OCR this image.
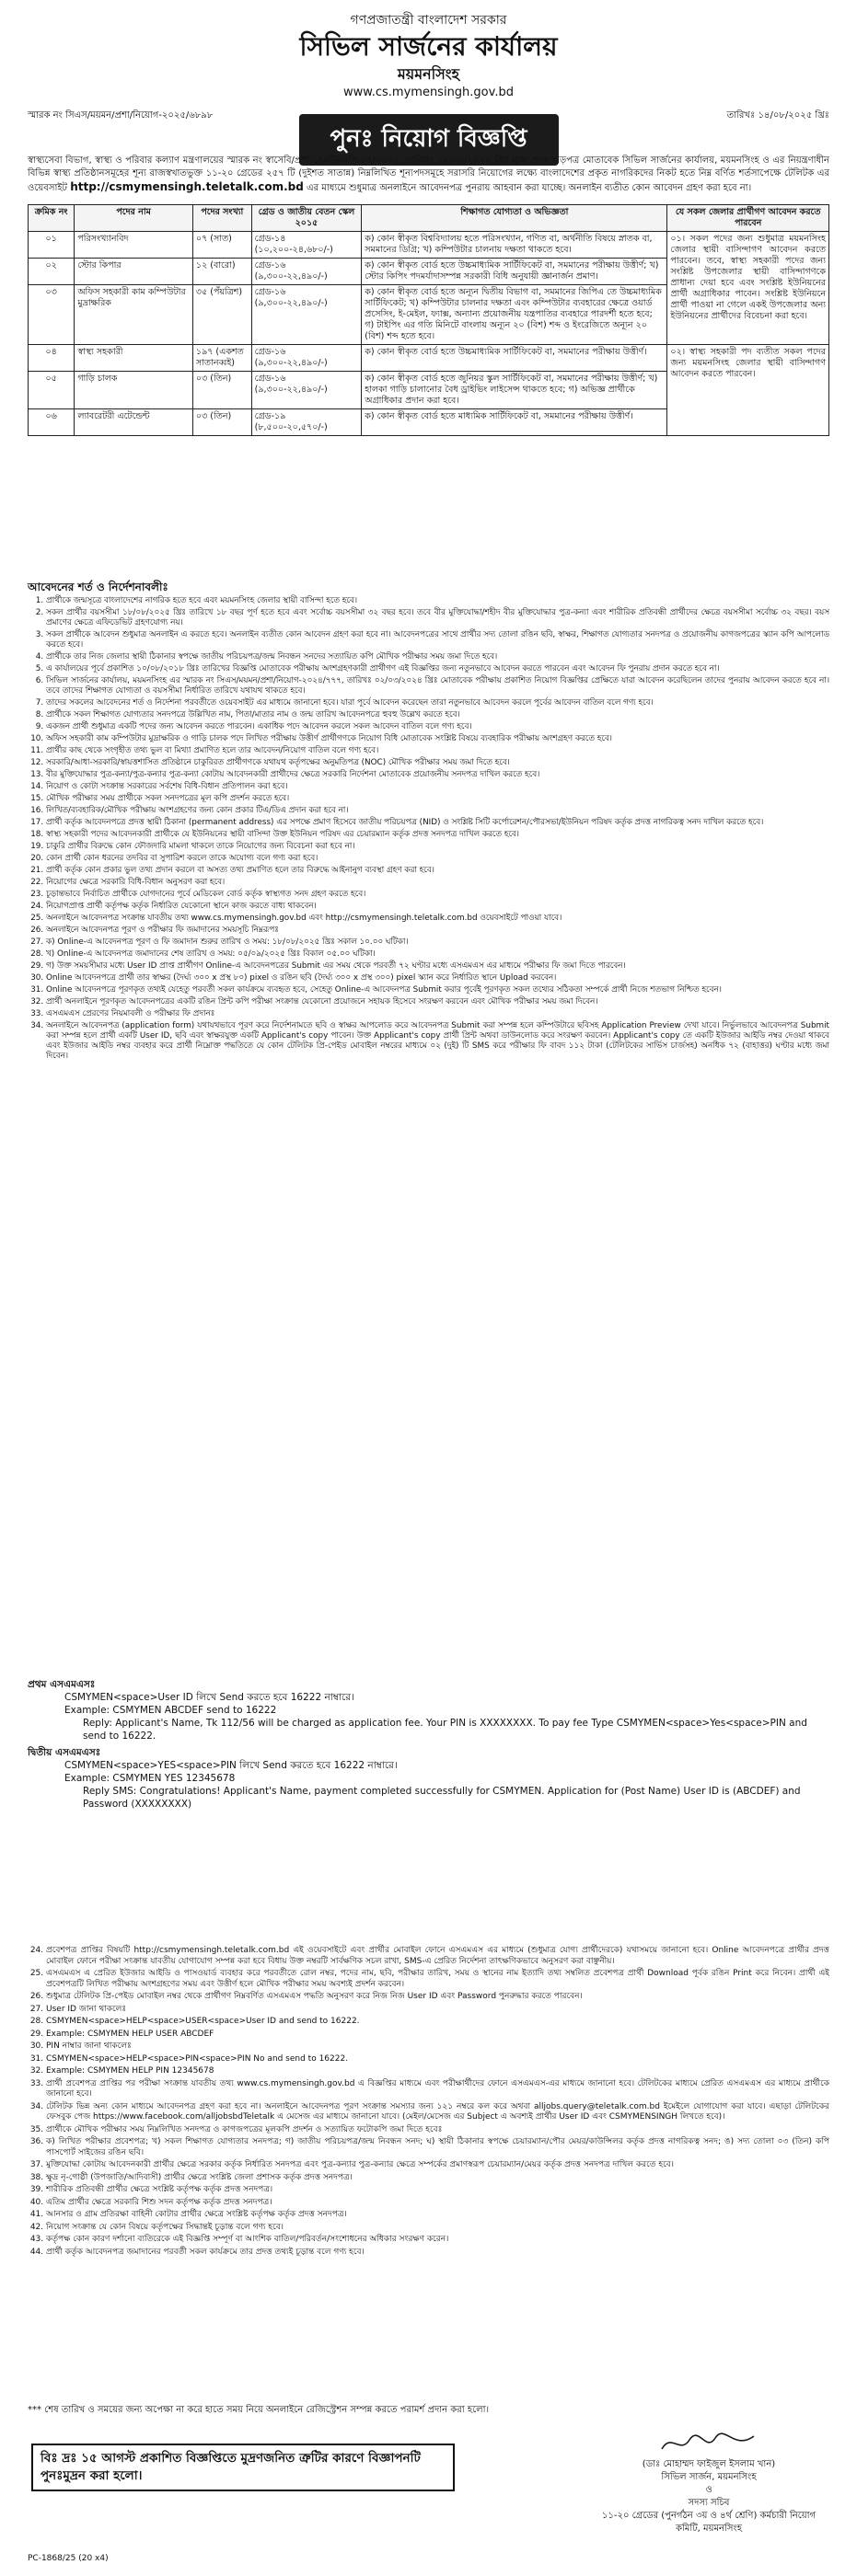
গণপ্রজাতন্ত্রী বাংলাদেশ সরকার
সিভিল সার্জনের কার্যালয়
ময়মনসিংহ
www.cs.mymensingh.gov.bd
স্মারক নং সিএস/ময়মন/প্রশা/নিয়োগ-২০২৫/৬৮৯৮	তারিখঃ ১৪/০৮/২০২৫ খ্রিঃ
পুনঃ নিয়োগ বিজ্ঞপ্তি
স্বাস্থ্যসেবা বিভাগ, স্বাস্থ্য ও পরিবার কল্যাণ মন্ত্রণালয়ের স্মারক নং স্বাসেবি/প্রশা-১/এডি/এসি-১৭/৩৬০৪, তারিখঃ ১৮/০১/২০২৫ খ্রিঃ মূলে প্রাপ্ত ছাড়পত্র মোতাবেক সিভিল সার্জনের কার্যালয়, ময়মনসিংহ ও এর নিয়ন্ত্রণাধীন বিভিন্ন স্বাস্থ্য প্রতিষ্ঠানসমূহের শূন্য রাজস্বখাতভুক্ত ১১-২০ গ্রেডের ২৫৭ টি (দুইশত সাতান্ন) নিম্নলিখিত শূন্যপদসমূহে সরাসরি নিয়োগের লক্ষ্যে বাংলাদেশের প্রকৃত নাগরিকদের নিকট হতে নিম্ন বর্ণিত শর্তসাপেক্ষে টেলিটক এর ওয়েবসাইট http://csmymensingh.teletalk.com.bd এর মাধ্যমে শুধুমাত্র অনলাইনে আবেদনপত্র পুনরায় আহবান করা যাচ্ছে। অনলাইন ব্যতীত কোন আবেদন গ্রহণ করা হবে না।
ক্রমিক নং	পদের নাম	পদের সংখ্যা	গ্রেড ও জাতীয় বেতন স্কেল ২০১৫	শিক্ষাগত যোগ্যতা ও অভিজ্ঞতা	যে সকল জেলার প্রার্থীগণ আবেদন করতে পারবেন
০১	পরিসংখ্যানবিদ	০৭ (সাত)	গ্রেড-১৪ (১০,২০০-২৪,৬৮০/-)	ক) কোন স্বীকৃত বিশ্ববিদ্যালয় হতে পরিসংখ্যান, গণিত বা, অর্থনীতি বিষয়ে স্নাতক বা, সমমানের ডিগ্রি; খ) কম্পিউটার চালনায় দক্ষতা থাকতে হবে।	০১। সকল পদের জন্য শুধুমাত্র ময়মনসিংহ জেলার স্থায়ী বাসিন্দাগণ আবেদন করতে পারবেন। তবে, স্বাস্থ্য সহকারী পদের জন্য সংশ্লিষ্ট উপজেলার স্থায়ী বাসিন্দাগণকে প্রাধান্য দেয়া হবে এবং সংশ্লিষ্ট ইউনিয়নের প্রার্থী অগ্রাধিকার পাবেন। সংশ্লিষ্ট ইউনিয়নে প্রার্থী পাওয়া না গেলে একই উপজেলার অন্য ইউনিয়নের প্রার্থীদের বিবেচনা করা হবে।
০২	স্টোর কিপার	১২ (বারো)	গ্রেড-১৬ (৯,৩০০-২২,৪৯০/-)	ক) কোন স্বীকৃত বোর্ড হতে উচ্চমাধ্যমিক সার্টিফিকেট বা, সমমানের পরীক্ষায় উত্তীর্ণ; খ) স্টোর কিপিং পদমর্যাদাসম্পন্ন সরকারী বিধি অনুযায়ী জ্ঞানার্জন প্রমাণ।	
০৩	অফিস সহকারী কাম কম্পিউটার মুদ্রাক্ষরিক	৩৫ (পঁয়ত্রিশ)	গ্রেড-১৬ (৯,৩০০-২২,৪৯০/-)	ক) কোন স্বীকৃত বোর্ড হতে অন্যূন দ্বিতীয় বিভাগ বা, সমমানের জিপিএ তে উচ্চমাধ্যমিক সার্টিফিকেট; খ) কম্পিউটার চালনার দক্ষতা এবং কম্পিউটার ব্যবহারের ক্ষেত্রে ওয়ার্ড প্রসেসিং, ই-মেইল, ফ্যাক্স, অন্যান্য প্রয়োজনীয় যন্ত্রপাতির ব্যবহারে পারদর্শী হতে হবে; গ) টাইপিং এর গতি মিনিটে বাংলায় অন্যূন ২০ (বিশ) শব্দ ও ইংরেজিতে অন্যূন ২০ (বিশ) শব্দ হতে হবে।	
০৪	স্বাস্থ্য সহকারী	১৯৭ (একশত সাতানব্বই)	গ্রেড-১৬ (৯,৩০০-২২,৪৯০/-)	ক) কোন স্বীকৃত বোর্ড হতে উচ্চমাধ্যমিক সার্টিফিকেট বা, সমমানের পরীক্ষায় উত্তীর্ণ।	০২। স্বাস্থ্য সহকারী পদ ব্যতীত সকল পদের জন্য ময়মনসিংহ জেলার স্থায়ী বাসিন্দাগণ আবেদন করতে পারবেন।
০৫	গাড়ি চালক	০৩ (তিন)	গ্রেড-১৬ (৯,৩০০-২২,৪৯০/-)	ক) কোন স্বীকৃত বোর্ড হতে জুনিয়র স্কুল সার্টিফিকেট বা, সমমানের পরীক্ষায় উত্তীর্ণ; খ) হালকা গাড়ি চালানোর বৈধ ড্রাইভিং লাইসেন্স থাকতে হবে; গ) অভিজ্ঞ প্রার্থীকে অগ্রাধিকার প্রদান করা হবে।	
০৬	ল্যাবরেটরী এটেন্ডেন্ট	০৩ (তিন)	গ্রেড-১৯ (৮,৫০০-২০,৫৭০/-)	ক) কোন স্বীকৃত বোর্ড হতে মাধ্যমিক সার্টিফিকেট বা, সমমানের পরীক্ষায় উত্তীর্ণ।	
আবেদনের শর্ত ও নির্দেশনাবলীঃ
1. প্রার্থীকে জন্মসূত্রে বাংলাদেশের নাগরিক হতে হবে এবং ময়মনসিংহ জেলার স্থায়ী বাসিন্দা হতে হবে।
2. সকল প্রার্থীর বয়সসীমা ১৮/০৮/২০২৫ খ্রিঃ তারিখে ১৮ বছর পূর্ণ হতে হবে এবং সর্বোচ্চ বয়সসীমা ৩২ বছর হবে। তবে বীর মুক্তিযোদ্ধা/শহীদ বীর মুক্তিযোদ্ধার পুত্র-কন্যা এবং শারীরিক প্রতিবন্ধী প্রার্থীদের ক্ষেত্রে বয়সসীমা সর্বোচ্চ ৩২ বছর। বয়স প্রমাণের ক্ষেত্রে এফিডেভিট গ্রহণযোগ্য নয়।
3. সকল প্রার্থীকে আবেদন শুধুমাত্র অনলাইন এ করতে হবে। অনলাইন ব্যতীত কোন আবেদন গ্রহণ করা হবে না। আবেদনপত্রের সাথে প্রার্থীর সদ্য তোলা রঙিন ছবি, স্বাক্ষর, শিক্ষাগত যোগ্যতার সনদপত্র ও প্রয়োজনীয় কাগজপত্রের স্ক্যান কপি আপলোড করতে হবে।
4. প্রার্থীকে তার নিজ জেলার স্থায়ী ঠিকানার স্বপক্ষে জাতীয় পরিচয়পত্র/জন্ম নিবন্ধন সনদের সত্যায়িত কপি মৌখিক পরীক্ষার সময় জমা দিতে হবে।
5. এ কার্যালয়ের পূর্বে প্রকাশিত ১০/০৮/২০১৮ খ্রিঃ তারিখের বিজ্ঞপ্তি মোতাবেক পরীক্ষায় অংশগ্রহণকারী প্রার্থীগণ এই বিজ্ঞপ্তির জন্য নতুনভাবে আবেদন করতে পারবেন এবং আবেদন ফি পুনরায় প্রদান করতে হবে না।
6. সিভিল সার্জনের কার্যালয়, ময়মনসিংহ এর স্মারক নং সিএস/ময়মন/প্রশা/নিয়োগ-২০২৪/৭৭৭, তারিখঃ ০২/০৩/২০২৪ খ্রিঃ মোতাবেক পরীক্ষায় প্রকাশিত নিয়োগ বিজ্ঞপ্তির প্রেক্ষিতে যারা আবেদন করেছিলেন তাদের পুনরায় আবেদন করতে হবে না। তবে তাদের শিক্ষাগত যোগ্যতা ও বয়সসীমা নির্ধারিত তারিখে যথাযথ থাকতে হবে।
7. তাদের সকলের আবেদনের শর্ত ও নির্দেশনা পরবর্তীতে ওয়েবসাইট এর মাধ্যমে জানানো হবে। যারা পূর্বে আবেদন করেছেন তারা নতুনভাবে আবেদন করলে পূর্বের আবেদন বাতিল বলে গণ্য হবে।
8. প্রার্থীকে সকল শিক্ষাগত যোগ্যতার সনদপত্রে উল্লিখিত নাম, পিতা/মাতার নাম ও জন্ম তারিখ আবেদনপত্রে হুবহু উল্লেখ করতে হবে।
9. একজন প্রার্থী শুধুমাত্র একটি পদের জন্য আবেদন করতে পারবেন। একাধিক পদে আবেদন করলে সকল আবেদন বাতিল বলে গণ্য হবে।
10. অফিস সহকারী কাম কম্পিউটার মুদ্রাক্ষরিক ও গাড়ি চালক পদে লিখিত পরীক্ষায় উত্তীর্ণ প্রার্থীগণকে নিয়োগ বিধি মোতাবেক সংশ্লিষ্ট বিষয়ে ব্যবহারিক পরীক্ষায় অংশগ্রহণ করতে হবে।
11. প্রার্থীর কাছ থেকে সংগৃহীত তথ্য ভুল বা মিথ্যা প্রমাণিত হলে তার আবেদন/নিয়োগ বাতিল বলে গণ্য হবে।
12. সরকারি/আধা-সরকারি/স্বায়ত্তশাসিত প্রতিষ্ঠানে চাকুরিরত প্রার্থীগণকে যথাযথ কর্তৃপক্ষের অনুমতিপত্র (NOC) মৌখিক পরীক্ষার সময় জমা দিতে হবে।
13. বীর মুক্তিযোদ্ধার পুত্র-কন্যা/পুত্র-কন্যার পুত্র-কন্যা কোটায় আবেদনকারী প্রার্থীদের ক্ষেত্রে সরকারি নির্দেশনা মোতাবেক প্রয়োজনীয় সনদপত্র দাখিল করতে হবে।
14. নিয়োগ ও কোটা সংক্রান্ত সরকারের সর্বশেষ বিধি-বিধান প্রতিপালন করা হবে।
15. মৌখিক পরীক্ষার সময় প্রার্থীকে সকল সনদপত্রের মূল কপি প্রদর্শন করতে হবে।
16. লিখিত/ব্যবহারিক/মৌখিক পরীক্ষায় অংশগ্রহণের জন্য কোন প্রকার টিএ/ডিএ প্রদান করা হবে না।
17. প্রার্থী কর্তৃক আবেদনপত্রে প্রদত্ত স্থায়ী ঠিকানা (permanent address) এর সপক্ষে প্রমাণ হিসেবে জাতীয় পরিচয়পত্র (NID) ও সংশ্লিষ্ট সিটি কর্পোরেশন/পৌরসভা/ইউনিয়ন পরিষদ কর্তৃক প্রদত্ত নাগরিকত্ব সনদ দাখিল করতে হবে।
18. স্বাস্থ্য সহকারী পদের আবেদনকারী প্রার্থীকে যে ইউনিয়নের স্থায়ী বাসিন্দা উক্ত ইউনিয়ন পরিষদ এর চেয়ারম্যান কর্তৃক প্রদত্ত সনদপত্র দাখিল করতে হবে।
19. চাকুরি প্রার্থীর বিরুদ্ধে কোন ফৌজদারি মামলা থাকলে তাকে নিয়োগের জন্য বিবেচনা করা হবে না।
20. কোন প্রার্থী কোন ধরনের তদবির বা সুপারিশ করলে তাকে অযোগ্য বলে গণ্য করা হবে।
21. প্রার্থী কর্তৃক কোন প্রকার ভুল তথ্য প্রদান করলে বা অসত্য তথ্য প্রমাণিত হলে তার বিরুদ্ধে আইনানুগ ব্যবস্থা গ্রহণ করা হবে।
22. নিয়োগের ক্ষেত্রে সরকারি বিধি-বিধান অনুসরণ করা হবে।
23. চূড়ান্তভাবে নির্বাচিত প্রার্থীকে যোগদানের পূর্বে মেডিকেল বোর্ড কর্তৃক স্বাস্থ্যগত সনদ গ্রহণ করতে হবে।
24. নিয়োগপ্রাপ্ত প্রার্থী কর্তৃপক্ষ কর্তৃক নির্ধারিত যেকোনো স্থানে কাজ করতে বাধ্য থাকবেন।
25. অনলাইনে আবেদনপত্র সংক্রান্ত যাবতীয় তথ্য www.cs.mymensingh.gov.bd এবং http://csmymensingh.teletalk.com.bd ওয়েবসাইটে পাওয়া যাবে।
26. অনলাইনে আবেদনপত্র পূরণ ও পরীক্ষার ফি জমাদানের সময়সূচি নিম্নরূপঃ
27. ক) Online-এ আবেদনপত্র পূরণ ও ফি জমাদান শুরুর তারিখ ও সময়: ১৮/০৮/২০২৫ খ্রিঃ সকাল ১০.০০ ঘটিকা।
28. খ) Online-এ আবেদনপত্র জমাদানের শেষ তারিখ ও সময়: ০৫/০৯/২০২৫ খ্রিঃ বিকাল ০৫.০০ ঘটিকা।
29. গ) উক্ত সময়সীমার মধ্যে User ID প্রাপ্ত প্রার্থীগণ Online-এ আবেদনপত্রের Submit এর সময় থেকে পরবর্তী ৭২ ঘণ্টার মধ্যে এসএমএস এর মাধ্যমে পরীক্ষার ফি জমা দিতে পারবেন।
30. Online আবেদনপত্রে প্রার্থী তার স্বাক্ষর (দৈর্ঘ্য ৩০০ x প্রস্থ ৮০) pixel ও রঙিন ছবি (দৈর্ঘ্য ৩০০ x প্রস্থ ৩০০) pixel স্ক্যান করে নির্ধারিত স্থানে Upload করবেন।
31. Online আবেদনপত্রে পূরণকৃত তথ্যই যেহেতু পরবর্তী সকল কার্যক্রমে ব্যবহৃত হবে, সেহেতু Online-এ আবেদনপত্র Submit করার পূর্বেই পূরণকৃত সকল তথ্যের সঠিকতা সম্পর্কে প্রার্থী নিজে শতভাগ নিশ্চিত হবেন।
32. প্রার্থী অনলাইনে পূরণকৃত আবেদনপত্রের একটি রঙিন প্রিন্ট কপি পরীক্ষা সংক্রান্ত যেকোনো প্রয়োজনে সহায়ক হিসেবে সংরক্ষণ করবেন এবং মৌখিক পরীক্ষার সময় জমা দিবেন।
33. এসএমএস প্রেরণের নিয়মাবলী ও পরীক্ষার ফি প্রদানঃ
34. অনলাইনে আবেদনপত্র (application form) যথাযথভাবে পূরণ করে নির্দেশনামতে ছবি ও স্বাক্ষর আপলোড করে আবেদনপত্র Submit করা সম্পন্ন হলে কম্পিউটারে ছবিসহ Application Preview দেখা যাবে। নির্ভুলভাবে আবেদনপত্র Submit করা সম্পন্ন হলে প্রার্থী একটি User ID, ছবি এবং স্বাক্ষরযুক্ত একটি Applicant's copy পাবেন। উক্ত Applicant's copy প্রার্থী প্রিন্ট অথবা ডাউনলোড করে সংরক্ষণ করবেন। Applicant's copy তে একটি ইউজার আইডি নম্বর দেওয়া থাকবে এবং ইউজার আইডি নম্বর ব্যবহার করে প্রার্থী নিম্নোক্ত পদ্ধতিতে যে কোন টেলিটক প্রি-পেইড মোবাইল নম্বরের মাধ্যমে ০২ (দুই) টি SMS করে পরীক্ষার ফি বাবদ ১১২ টাকা (টেলিটকের সার্ভিস চার্জসহ) অনধিক ৭২ (বাহাত্তর) ঘণ্টার মধ্যে জমা দিবেন।
প্রথম এসএমএসঃ
CSMYMEN<space>User ID লিখে Send করতে হবে 16222 নাম্বারে।
Example: CSMYMEN ABCDEF send to 16222
Reply: Applicant's Name, Tk 112/56 will be charged as application fee. Your PIN is XXXXXXXX. To pay fee Type CSMYMEN<space>Yes<space>PIN and send to 16222.
দ্বিতীয় এসএমএসঃ
CSMYMEN<space>YES<space>PIN লিখে Send করতে হবে 16222 নাম্বারে।
Example: CSMYMEN YES 12345678
Reply SMS: Congratulations! Applicant's Name, payment completed successfully for CSMYMEN. Application for (Post Name) User ID is (ABCDEF) and Password (XXXXXXXX)
24. প্রবেশপত্র প্রাপ্তির বিষয়টি http://csmymensingh.teletalk.com.bd এই ওয়েবসাইটে এবং প্রার্থীর মোবাইল ফোনে এসএমএস এর মাধ্যমে (শুধুমাত্র যোগ্য প্রার্থীদেরকে) যথাসময়ে জানানো হবে। Online আবেদনপত্রে প্রার্থীর প্রদত্ত মোবাইল ফোনে পরীক্ষা সংক্রান্ত যাবতীয় যোগাযোগ সম্পন্ন করা হবে বিধায় উক্ত নম্বরটি সার্বক্ষণিক সচল রাখা, SMS-এ প্রেরিত নির্দেশনা তাৎক্ষণিকভাবে অনুসরণ করা বাঞ্ছনীয়।
25. এসএমএস এ প্রেরিত ইউজার আইডি ও পাসওয়ার্ড ব্যবহার করে পরবর্তীতে রোল নম্বর, পদের নাম, ছবি, পরীক্ষার তারিখ, সময় ও স্থানের নাম ইত্যাদি তথ্য সম্বলিত প্রবেশপত্র প্রার্থী Download পূর্বক রঙিন Print করে নিবেন। প্রার্থী এই প্রবেশপত্রটি লিখিত পরীক্ষায় অংশগ্রহণের সময় এবং উত্তীর্ণ হলে মৌখিক পরীক্ষার সময় অবশ্যই প্রদর্শন করবেন।
26. শুধুমাত্র টেলিটক প্রি-পেইড মোবাইল নম্বর থেকে প্রার্থীগণ নিম্নবর্ণিত এসএমএস পদ্ধতি অনুসরণ করে নিজ নিজ User ID এবং Password পুনরুদ্ধার করতে পারবেন।
27. User ID জানা থাকলেঃ
28. CSMYMEN<space>HELP<space>USER<space>User ID and send to 16222.
29. Example: CSMYMEN HELP USER ABCDEF
30. PIN নাম্বার জানা থাকলেঃ
31. CSMYMEN<space>HELP<space>PIN<space>PIN No and send to 16222.
32. Example: CSMYMEN HELP PIN 12345678
33. প্রার্থী প্রবেশপত্র প্রাপ্তির পর পরীক্ষা সংক্রান্ত যাবতীয় তথ্য www.cs.mymensingh.gov.bd এ বিজ্ঞপ্তির মাধ্যমে এবং পরীক্ষার্থীদের ফোনে এসএমএস-এর মাধ্যমে জানানো হবে। টেলিটকের মাধ্যমে প্রেরিত এসএমএস এর মাধ্যমে প্রার্থীকে জানানো হবে।
34. টেলিটক ভিন্ন অন্য কোন মাধ্যমে আবেদনপত্র গ্রহণ করা হবে না। অনলাইনে আবেদনপত্র পূরণ সংক্রান্ত সমস্যার জন্য ১২১ নম্বরে কল করে অথবা alljobs.query@teletalk.com.bd ইমেইলে যোগাযোগ করা যাবে। এছাড়া টেলিটকের ফেসবুক পেজ https://www.facebook.com/alljobsbdTeletalk এ মেসেজ এর মাধ্যমে জানানো যাবে। (মেইল/মেসেজ এর Subject এ অবশ্যই প্রার্থীর User ID এবং CSMYMENSINGH লিখতে হবে)।
35. প্রার্থীকে মৌখিক পরীক্ষার সময় নিম্নলিখিত সনদপত্র ও কাগজপত্রের মূলকপি প্রদর্শন ও সত্যায়িত ফটোকপি জমা দিতে হবেঃ
36. ক) লিখিত পরীক্ষার প্রবেশপত্র; খ) সকল শিক্ষাগত যোগ্যতার সনদপত্র; গ) জাতীয় পরিচয়পত্র/জন্ম নিবন্ধন সনদ; ঘ) স্থায়ী ঠিকানার স্বপক্ষে চেয়ারম্যান/পৌর মেয়র/কাউন্সিলর কর্তৃক প্রদত্ত নাগরিকত্ব সনদ; ঙ) সদ্য তোলা ০৩ (তিন) কপি পাসপোর্ট সাইজের রঙিন ছবি।
37. মুক্তিযোদ্ধা কোটায় আবেদনকারী প্রার্থীর ক্ষেত্রে সরকার কর্তৃক নির্ধারিত সনদপত্র এবং পুত্র-কন্যার পুত্র-কন্যার ক্ষেত্রে সম্পর্কের প্রমাণস্বরূপ চেয়ারম্যান/মেয়র কর্তৃক প্রদত্ত সনদপত্র দাখিল করতে হবে।
38. ক্ষুদ্র নৃ-গোষ্ঠী (উপজাতি/আদিবাসী) প্রার্থীর ক্ষেত্রে সংশ্লিষ্ট জেলা প্রশাসক কর্তৃক প্রদত্ত সনদপত্র।
39. শারীরিক প্রতিবন্ধী প্রার্থীর ক্ষেত্রে সংশ্লিষ্ট কর্তৃপক্ষ কর্তৃক প্রদত্ত সনদপত্র।
40. এতিম প্রার্থীর ক্ষেত্রে সরকারি শিশু সদন কর্তৃপক্ষ কর্তৃক প্রদত্ত সনদপত্র।
41. আনসার ও গ্রাম প্রতিরক্ষা বাহিনী কোটার প্রার্থীর ক্ষেত্রে সংশ্লিষ্ট কর্তৃপক্ষ কর্তৃক প্রদত্ত সনদপত্র।
42. নিয়োগ সংক্রান্ত যে কোন বিষয়ে কর্তৃপক্ষের সিদ্ধান্তই চূড়ান্ত বলে গণ্য হবে।
43. কর্তৃপক্ষ কোন কারণ দর্শানো ব্যতিরেকে এই বিজ্ঞপ্তি সম্পূর্ণ বা আংশিক বাতিল/পরিবর্তন/সংশোধনের অধিকার সংরক্ষণ করেন।
44. প্রার্থী কর্তৃক আবেদনপত্র জমাদানের পরবর্তী সকল কার্যক্রমে তার প্রদত্ত তথ্যই চূড়ান্ত বলে গণ্য হবে।
*** শেষ তারিখ ও সময়ের জন্য অপেক্ষা না করে হাতে সময় নিয়ে অনলাইনে রেজিস্ট্রেশন সম্পন্ন করতে পরামর্শ প্রদান করা হলো।
বিঃ দ্রঃ ১৫ আগস্ট প্রকাশিত বিজ্ঞপ্তিতে মুদ্রণজনিত ত্রুটির কারণে বিজ্ঞাপনটি পুনঃমুদ্রন করা হলো।
(ডাঃ মোহাম্মদ ফাইজুল ইসলাম খান)
সিভিল সার্জন, ময়মনসিংহ
ও
সদস্য সচিব
১১-২০ গ্রেডের (পুনর্গঠন ৩য় ও ৪র্থ শ্রেণি) কর্মচারী নিয়োগ কমিটি, ময়মনসিংহ
PC-1868/25 (20 x4)
